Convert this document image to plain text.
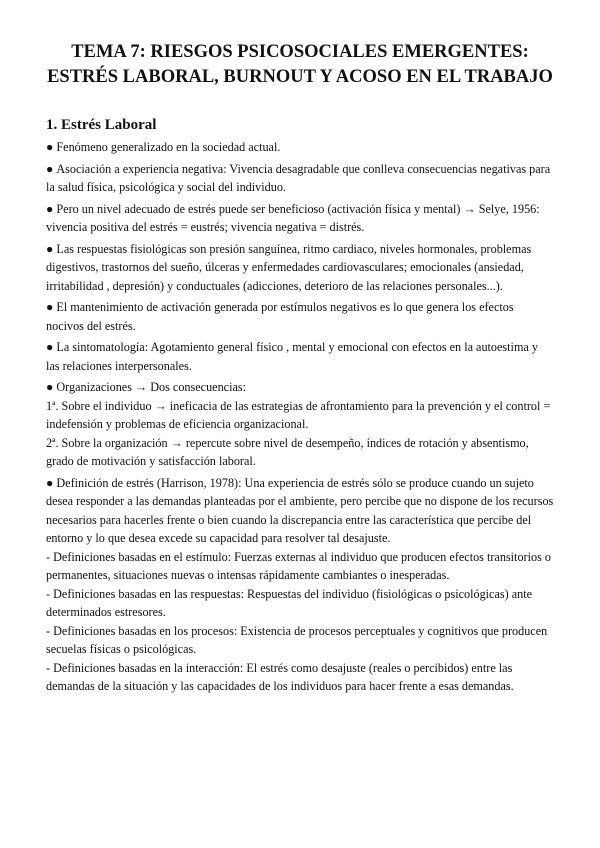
TEMA 7: RIESGOS PSICOSOCIALES EMERGENTES:
ESTRÉS LABORAL, BURNOUT Y ACOSO EN EL TRABAJO
1. Estrés Laboral

● Fenómeno generalizado en la sociedad actual.

● Asociación a experiencia negativa: Vivencia desagradable que conlleva consecuencias negativas para la salud física, psicológica y social del individuo.

● Pero un nivel adecuado de estrés puede ser beneficioso (activación física y mental) → Selye, 1956: vivencia positiva del estrés = eustrés; vivencia negativa = distrés.

● Las respuestas fisiológicas son presión sanguínea, ritmo cardiaco, niveles hormonales, problemas digestivos, trastornos del sueño, úlceras y enfermedades cardiovasculares; emocionales (ansiedad, irritabilidad , depresión) y conductuales (adicciones, deterioro de las relaciones personales...).

● El mantenimiento de activación generada por estímulos negativos es lo que genera los efectos nocivos del estrés.

● La sintomatología: Agotamiento general físico , mental y emocional con efectos en la autoestima y las relaciones interpersonales.

● Organizaciones → Dos consecuencias:

1ª. Sobre el individuo → ineficacia de las estrategias de afrontamiento para la prevención y el control = indefensión y problemas de eficiencia organizacional.

2ª. Sobre la organización → repercute sobre nivel de desempeño, índices de rotación y absentismo, grado de motivación y satisfacción laboral.

● Definición de estrés (Harrison, 1978): Una experiencia de estrés sólo se produce cuando un sujeto desea responder a las demandas planteadas por el ambiente, pero percibe que no dispone de los recursos necesarios para hacerles frente o bien cuando la discrepancia entre las característica que percibe del entorno y lo que desea excede su capacidad para resolver tal desajuste.

- Definiciones basadas en el estímulo: Fuerzas externas al individuo que producen efectos transitorios o permanentes, situaciones nuevas o intensas rápidamente cambiantes o inesperadas.

- Definiciones basadas en las respuestas: Respuestas del individuo (fisiológicas o psicológicas) ante determinados estresores.

- Definiciones basadas en los procesos: Existencia de procesos perceptuales y cognitivos que producen secuelas físicas o psicológicas.

- Definiciones basadas en la interacción: El estrés como desajuste (reales o percibidos) entre las demandas de la situación y las capacidades de los individuos para hacer frente a esas demandas.
